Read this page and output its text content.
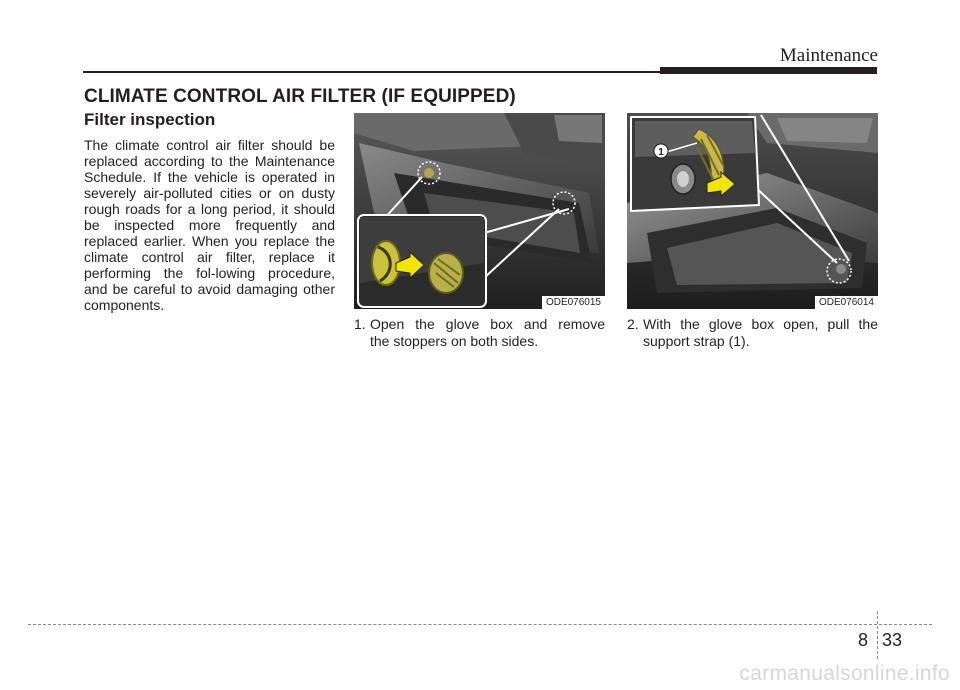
Maintenance
CLIMATE CONTROL AIR FILTER (IF EQUIPPED)
Filter inspection

The climate control air filter should be replaced according to the Maintenance Schedule. If the vehicle is operated in severely air-polluted cities or on dusty rough roads for a long period, it should be inspected more frequently and replaced earlier. When you replace the climate control air filter, replace it performing the fol-lowing procedure, and be careful to avoid damaging other components.	ODE076015
1
ODE076014
1. Open the glove box and remove
the stoppers on both sides.
2. With the glove box open, pull the
support strap (1).
8 33
carmanualsonline.info
